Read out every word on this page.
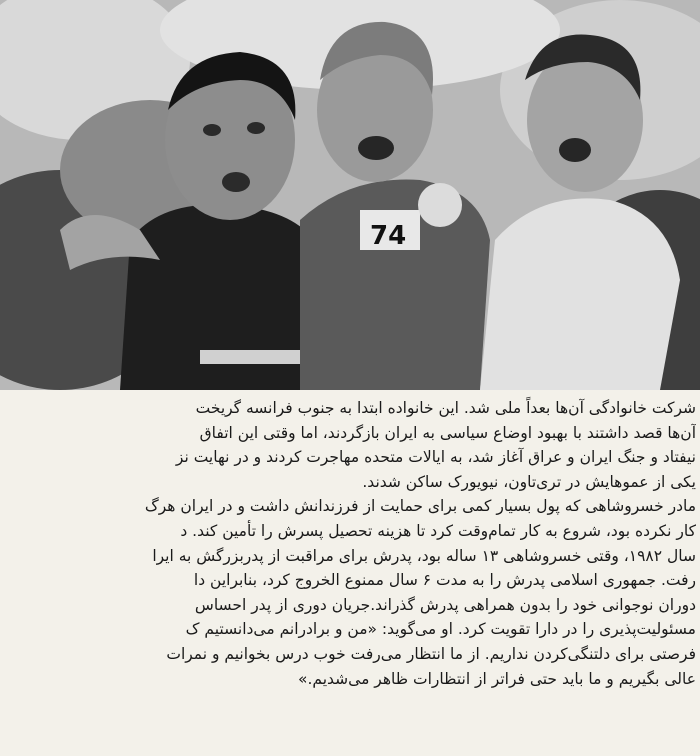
74

شرکت خانوادگی آن‌ها بعداً ملی شد. این خانواده ابتدا به جنوب فرانسه گریخت
آن‌ها قصد داشتند با بهبود اوضاع سیاسی به ایران بازگردند، اما وقتی این اتفاق
نیفتاد و جنگ ایران و عراق آغاز شد، به ایالات متحده مهاجرت کردند و در نهایت نز
یکی از عموهایش در تری‌تاون، نیویورک ساکن شدند.

مادر خسروشاهی که پول بسیار کمی برای حمایت از فرزندانش داشت و در ایران هرگ
کار نکرده بود، شروع به کار تمام‌وقت کرد تا هزینه تحصیل پسرش را تأمین کند. د
سال ۱۹۸۲، وقتی خسروشاهی ۱۳ ساله بود، پدرش برای مراقبت از پدربزرگش به ایرا
رفت. جمهوری اسلامی پدرش را به مدت ۶ سال ممنوع الخروج کرد، بنابراین دا
دوران نوجوانی خود را بدون همراهی پدرش گذراند.جریان دوری از پدر احساس
مسئولیت‌پذیری را در دارا تقویت کرد. او می‌گوید: «من و برادرانم می‌دانستیم ک
فرصتی برای دلتنگی‌کردن نداریم. از ما انتظار می‌رفت خوب درس بخوانیم و نمرات
عالی بگیریم و ما باید حتی فراتر از انتظارات ظاهر می‌شدیم.»
